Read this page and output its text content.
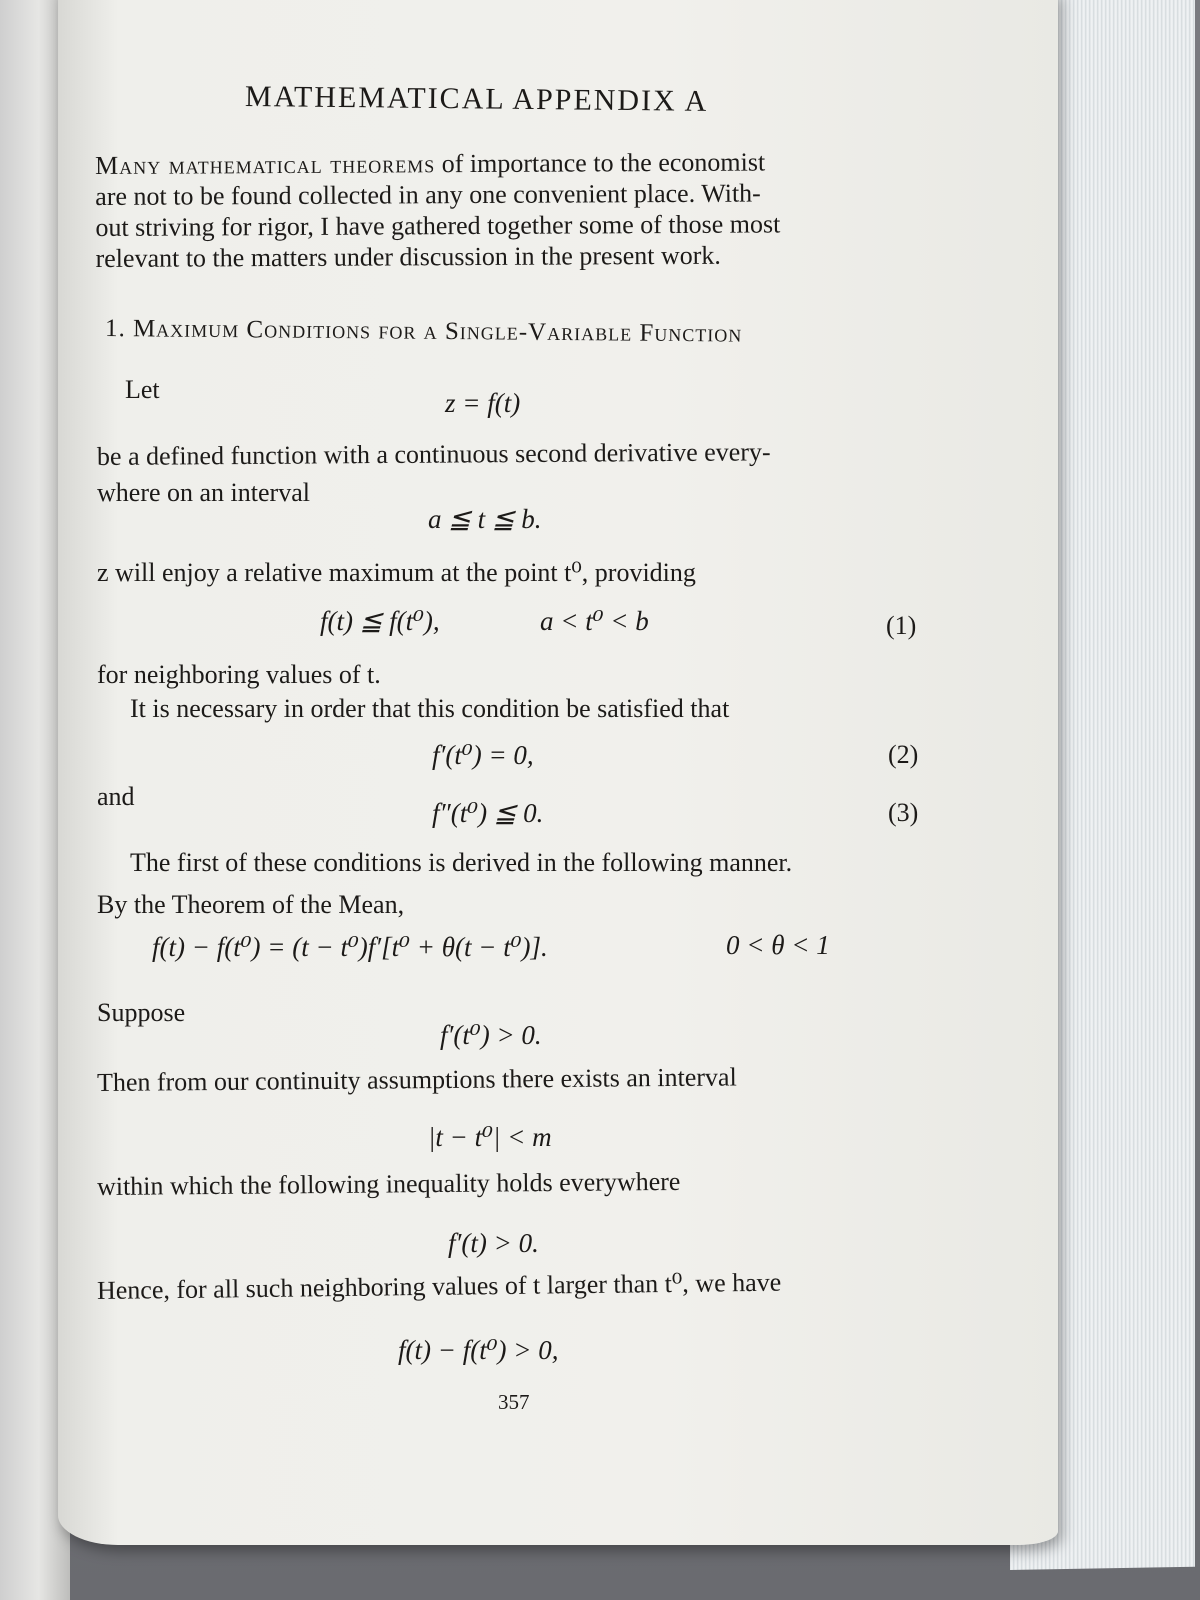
MATHEMATICAL APPENDIX A
Many mathematical theorems of importance to the economist
are not to be found collected in any one convenient place. With-
out striving for rigor, I have gathered together some of those most
relevant to the matters under discussion in the present work.
1. Maximum Conditions for a Single-Variable Function
Let	z = f(t)
be a defined function with a continuous second derivative every-
where on an interval
a ≦ t ≦ b.
z will enjoy a relative maximum at the point t⁰, providing
f(t) ≦ f(t⁰),	a < t⁰ < b	(1)
for neighboring values of t.
It is necessary in order that this condition be satisfied that
f′(t⁰) = 0,	(2)
and
f″(t⁰) ≦ 0.	(3)
The first of these conditions is derived in the following manner.
By the Theorem of the Mean,
f(t) − f(t⁰) = (t − t⁰)f′[t⁰ + θ(t − t⁰)].	0 < θ < 1
Suppose
f′(t⁰) > 0.
Then from our continuity assumptions there exists an interval
|t − t⁰| < m
within which the following inequality holds everywhere
f′(t) > 0.
Hence, for all such neighboring values of t larger than t⁰, we have
f(t) − f(t⁰) > 0,
357
